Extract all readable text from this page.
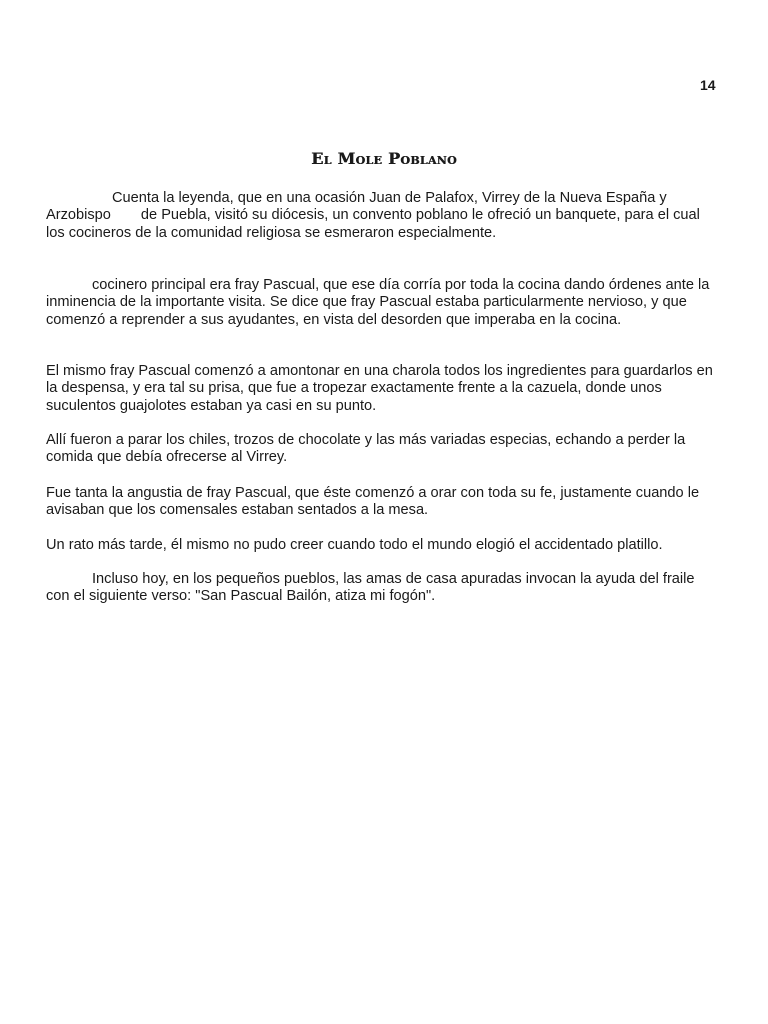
14
El Mole Poblano

Cuenta la leyenda, que en una ocasión Juan de Palafox, Virrey de la Nueva España y Arzobispo de Puebla, visitó su diócesis, un convento poblano le ofreció un banquete, para el cual los cocineros de la comunidad religiosa se esmeraron especialmente.

cocinero principal era fray Pascual, que ese día corría por toda la cocina dando órdenes ante la inminencia de la importante visita. Se dice que fray Pascual estaba particularmente nervioso, y que comenzó a reprender a sus ayudantes, en vista del desorden que imperaba en la cocina.

El mismo fray Pascual comenzó a amontonar en una charola todos los ingredientes para guardarlos en la despensa, y era tal su prisa, que fue a tropezar exactamente frente a la cazuela, donde unos suculentos guajolotes estaban ya casi en su punto.

Allí fueron a parar los chiles, trozos de chocolate y las más variadas especias, echando a perder la comida que debía ofrecerse al Virrey.

Fue tanta la angustia de fray Pascual, que éste comenzó a orar con toda su fe, justamente cuando le avisaban que los comensales estaban sentados a la mesa.

Un rato más tarde, él mismo no pudo creer cuando todo el mundo elogió el accidentado platillo.

Incluso hoy, en los pequeños pueblos, las amas de casa apuradas invocan la ayuda del fraile con el siguiente verso: "San Pascual Bailón, atiza mi fogón".
